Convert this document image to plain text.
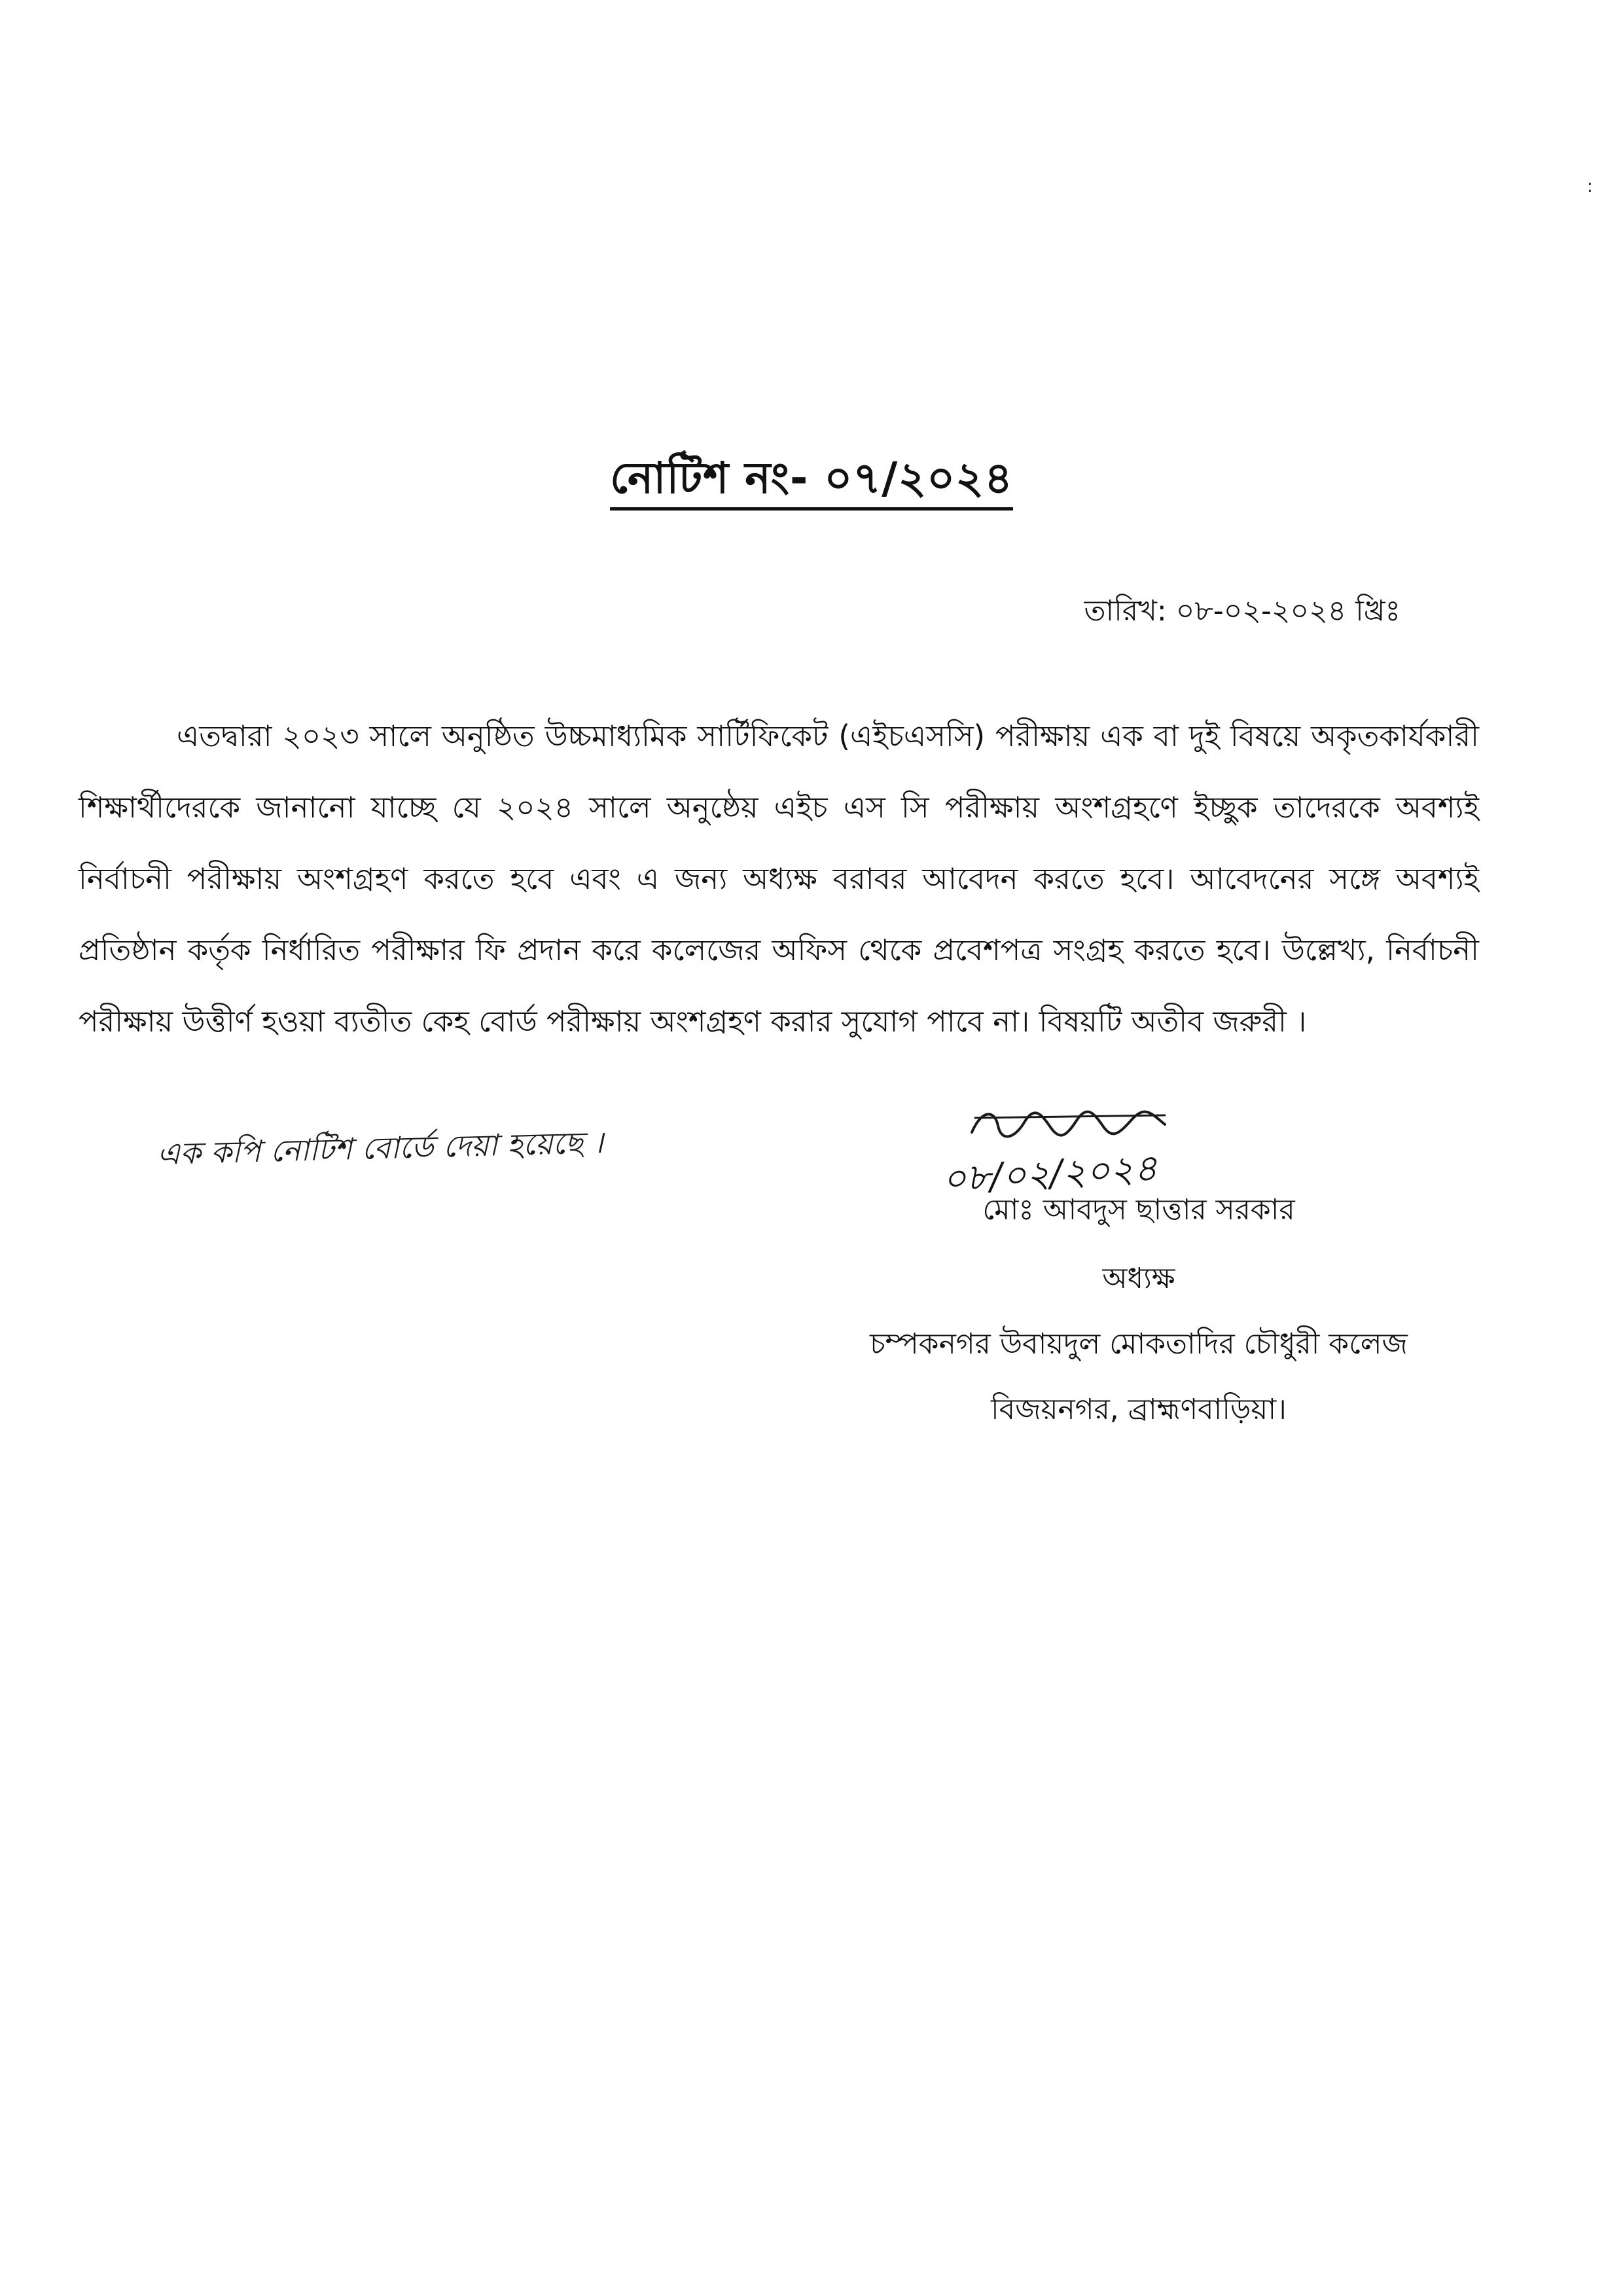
:
নোটিশ নং- ০৭/২০২৪
তারিখ: ০৮-০২-২০২৪ খ্রিঃ
এতদ্বারা ২০২৩ সালে অনুষ্ঠিত উচ্চমাধ্যমিক সার্টিফিকেট (এইচএসসি) পরীক্ষায় এক বা দুই বিষয়ে অকৃতকার্যকারী শিক্ষার্থীদেরকে জানানো যাচ্ছে যে ২০২৪ সালে অনুষ্ঠেয় এইচ এস সি পরীক্ষায় অংশগ্রহণে ইচ্ছুক তাদেরকে অবশ্যই নির্বাচনী পরীক্ষায় অংশগ্রহণ করতে হবে এবং এ জন্য অধ্যক্ষ বরাবর আবেদন করতে হবে। আবেদনের সঙ্গে অবশ্যই প্রতিষ্ঠান কর্তৃক নির্ধারিত পরীক্ষার ফি প্রদান করে কলেজের অফিস থেকে প্রবেশপত্র সংগ্রহ করতে হবে। উল্লেখ্য, নির্বাচনী পরীক্ষায় উত্তীর্ণ হওয়া ব্যতীত কেহ বোর্ড পরীক্ষায় অংশগ্রহণ করার সুযোগ পাবে না। বিষয়টি অতীব জরুরী ।
এক কপি নোটিশ বোর্ডে দেয়া হয়েছে ।	০৮/০২/২০২৪
মোঃ আবদুস ছাত্তার সরকার
অধ্যক্ষ
চম্পকনগর উবায়দুল মোকতাদির চৌধুরী কলেজ
বিজয়নগর, ব্রাহ্মণবাড়িয়া।
